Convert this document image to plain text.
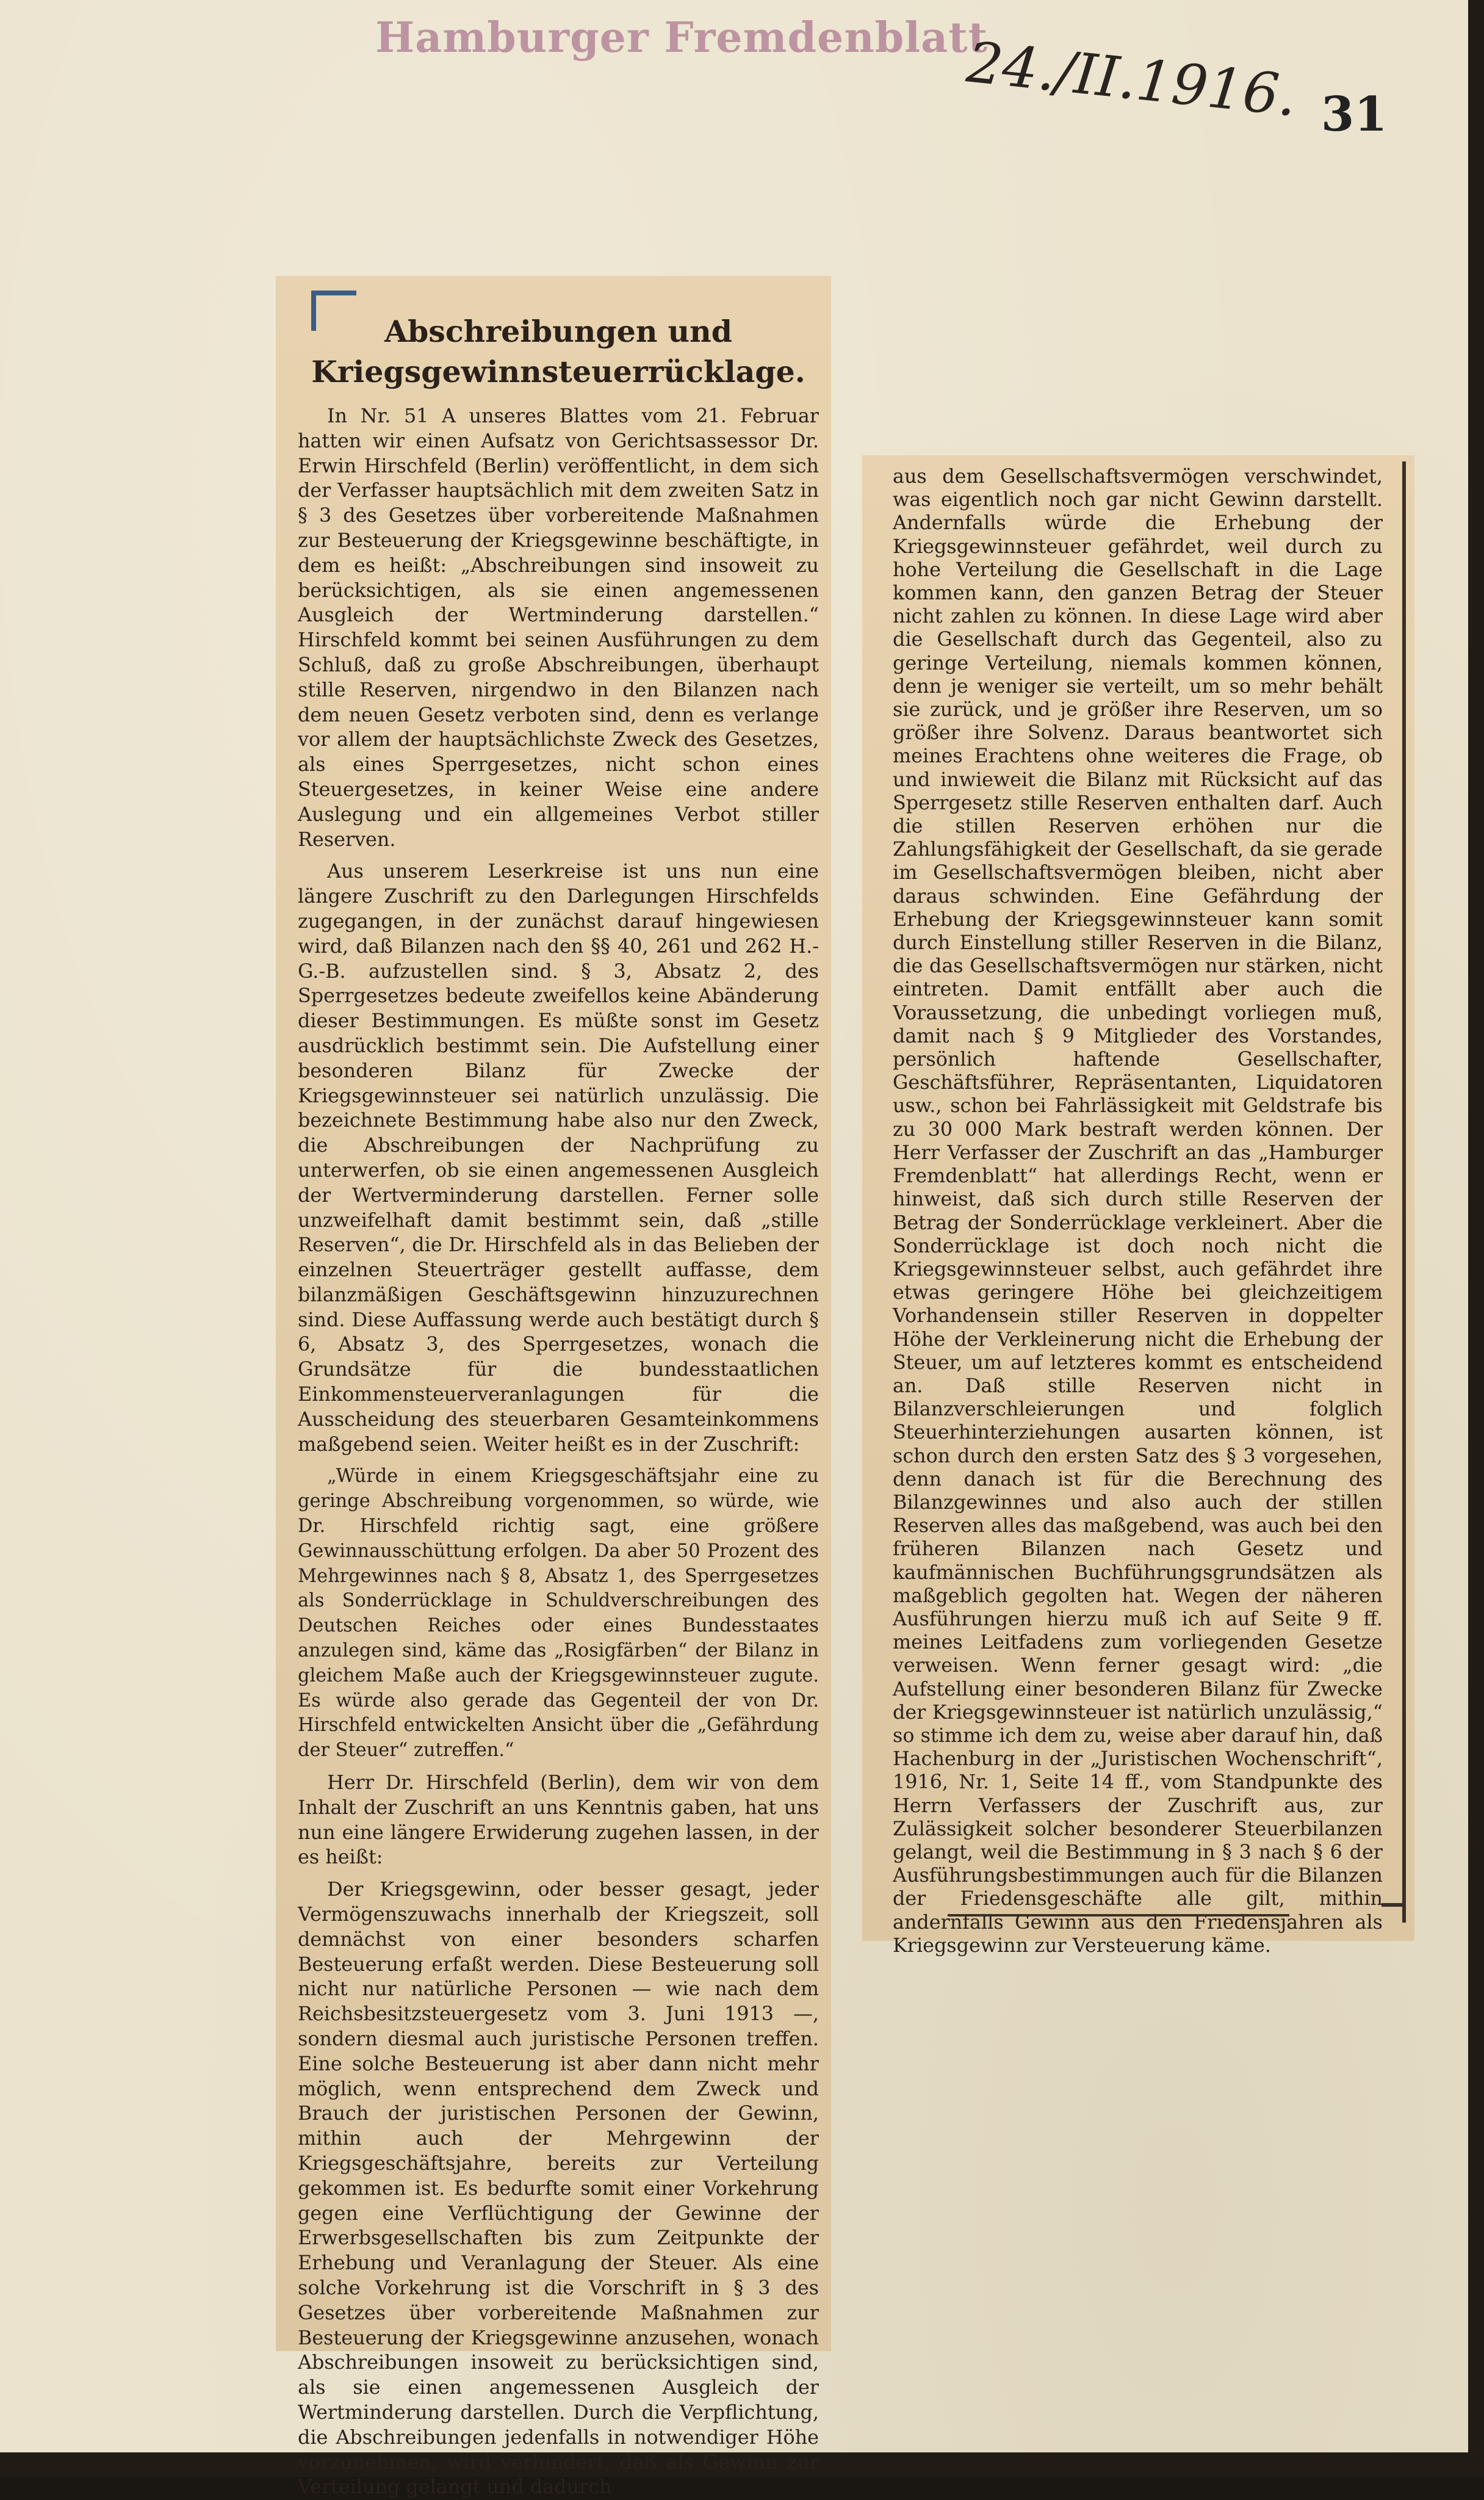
Hamburger Fremdenblatt
24./II.1916. 31
Abschreibungen und
Kriegsgewinnsteuerrücklage.

In Nr. 51 A unseres Blattes vom 21. Februar hatten wir einen Aufsatz von Gerichtsassessor Dr. Erwin Hirschfeld (Berlin) veröffentlicht, in dem sich der Verfasser hauptsächlich mit dem zweiten Satz in § 3 des Gesetzes über vorbereitende Maßnahmen zur Besteuerung der Kriegsgewinne beschäftigte, in dem es heißt: „Abschreibungen sind insoweit zu berücksichtigen, als sie einen angemessenen Ausgleich der Wertminderung darstellen.“ Hirschfeld kommt bei seinen Ausführungen zu dem Schluß, daß zu große Abschreibungen, überhaupt stille Reserven, nirgendwo in den Bilanzen nach dem neuen Gesetz verboten sind, denn es verlange vor allem der hauptsächlichste Zweck des Gesetzes, als eines Sperrgesetzes, nicht schon eines Steuergesetzes, in keiner Weise eine andere Auslegung und ein allgemeines Verbot stiller Reserven.

Aus unserem Leserkreise ist uns nun eine längere Zuschrift zu den Darlegungen Hirschfelds zugegangen, in der zunächst darauf hingewiesen wird, daß Bilanzen nach den §§ 40, 261 und 262 H.-G.-B. aufzustellen sind. § 3, Absatz 2, des Sperrgesetzes bedeute zweifellos keine Abänderung dieser Bestimmungen. Es müßte sonst im Gesetz ausdrücklich bestimmt sein. Die Aufstellung einer besonderen Bilanz für Zwecke der Kriegsgewinnsteuer sei natürlich unzulässig. Die bezeichnete Bestimmung habe also nur den Zweck, die Abschreibungen der Nachprüfung zu unterwerfen, ob sie einen angemessenen Ausgleich der Wertverminderung darstellen. Ferner solle unzweifelhaft damit bestimmt sein, daß „stille Reserven“, die Dr. Hirschfeld als in das Belieben der einzelnen Steuerträger gestellt auffasse, dem bilanzmäßigen Geschäftsgewinn hinzuzurechnen sind. Diese Auffassung werde auch bestätigt durch § 6, Absatz 3, des Sperrgesetzes, wonach die Grundsätze für die bundesstaatlichen Einkommensteuerveranlagungen für die Ausscheidung des steuerbaren Gesamteinkommens maßgebend seien. Weiter heißt es in der Zuschrift:

„Würde in einem Kriegsgeschäftsjahr eine zu geringe Abschreibung vorgenommen, so würde, wie Dr. Hirschfeld richtig sagt, eine größere Gewinnausschüttung erfolgen. Da aber 50 Prozent des Mehrgewinnes nach § 8, Absatz 1, des Sperrgesetzes als Sonderrücklage in Schuldverschreibungen des Deutschen Reiches oder eines Bundesstaates anzulegen sind, käme das „Rosigfärben“ der Bilanz in gleichem Maße auch der Kriegsgewinnsteuer zugute. Es würde also gerade das Gegenteil der von Dr. Hirschfeld entwickelten Ansicht über die „Gefährdung der Steuer“ zutreffen.“

Herr Dr. Hirschfeld (Berlin), dem wir von dem Inhalt der Zuschrift an uns Kenntnis gaben, hat uns nun eine längere Erwiderung zugehen lassen, in der es heißt:

Der Kriegsgewinn, oder besser gesagt, jeder Vermögenszuwachs innerhalb der Kriegszeit, soll demnächst von einer besonders scharfen Besteuerung erfaßt werden. Diese Besteuerung soll nicht nur natürliche Personen — wie nach dem Reichsbesitzsteuergesetz vom 3. Juni 1913 —, sondern diesmal auch juristische Personen treffen. Eine solche Besteuerung ist aber dann nicht mehr möglich, wenn entsprechend dem Zweck und Brauch der juristischen Personen der Gewinn, mithin auch der Mehrgewinn der Kriegsgeschäftsjahre, bereits zur Verteilung gekommen ist. Es bedurfte somit einer Vorkehrung gegen eine Verflüchtigung der Gewinne der Erwerbsgesellschaften bis zum Zeitpunkte der Erhebung und Veranlagung der Steuer. Als eine solche Vorkehrung ist die Vorschrift in § 3 des Gesetzes über vorbereitende Maßnahmen zur Besteuerung der Kriegsgewinne anzusehen, wonach Abschreibungen insoweit zu berücksichtigen sind, als sie einen angemessenen Ausgleich der Wertminderung darstellen. Durch die Verpflichtung, die Abschreibungen jedenfalls in notwendiger Höhe vorzunehmen, wird verhindert, daß als Gewinn zur Verteilung gelangt und dadurch

aus dem Gesellschaftsvermögen verschwindet, was eigentlich noch gar nicht Gewinn darstellt. Andernfalls würde die Erhebung der Kriegsgewinnsteuer gefährdet, weil durch zu hohe Verteilung die Gesellschaft in die Lage kommen kann, den ganzen Betrag der Steuer nicht zahlen zu können. In diese Lage wird aber die Gesellschaft durch das Gegenteil, also zu geringe Verteilung, niemals kommen können, denn je weniger sie verteilt, um so mehr behält sie zurück, und je größer ihre Reserven, um so größer ihre Solvenz. Daraus beantwortet sich meines Erachtens ohne weiteres die Frage, ob und inwieweit die Bilanz mit Rücksicht auf das Sperrgesetz stille Reserven enthalten darf. Auch die stillen Reserven erhöhen nur die Zahlungsfähigkeit der Gesellschaft, da sie gerade im Gesellschaftsvermögen bleiben, nicht aber daraus schwinden. Eine Gefährdung der Erhebung der Kriegsgewinnsteuer kann somit durch Einstellung stiller Reserven in die Bilanz, die das Gesellschaftsvermögen nur stärken, nicht eintreten. Damit entfällt aber auch die Voraussetzung, die unbedingt vorliegen muß, damit nach § 9 Mitglieder des Vorstandes, persönlich haftende Gesellschafter, Geschäftsführer, Repräsentanten, Liquidatoren usw., schon bei Fahrlässigkeit mit Geldstrafe bis zu 30 000 Mark bestraft werden können. Der Herr Verfasser der Zuschrift an das „Hamburger Fremdenblatt“ hat allerdings Recht, wenn er hinweist, daß sich durch stille Reserven der Betrag der Sonderrücklage verkleinert. Aber die Sonderrücklage ist doch noch nicht die Kriegsgewinnsteuer selbst, auch gefährdet ihre etwas geringere Höhe bei gleichzeitigem Vorhandensein stiller Reserven in doppelter Höhe der Verkleinerung nicht die Erhebung der Steuer, um auf letzteres kommt es entscheidend an. Daß stille Reserven nicht in Bilanzverschleierungen und folglich Steuerhinterziehungen ausarten können, ist schon durch den ersten Satz des § 3 vorgesehen, denn danach ist für die Berechnung des Bilanzgewinnes und also auch der stillen Reserven alles das maßgebend, was auch bei den früheren Bilanzen nach Gesetz und kaufmännischen Buchführungsgrundsätzen als maßgeblich gegolten hat. Wegen der näheren Ausführungen hierzu muß ich auf Seite 9 ff. meines Leitfadens zum vorliegenden Gesetze verweisen. Wenn ferner gesagt wird: „die Aufstellung einer besonderen Bilanz für Zwecke der Kriegsgewinnsteuer ist natürlich unzulässig,“ so stimme ich dem zu, weise aber darauf hin, daß Hachenburg in der „Juristischen Wochenschrift“, 1916, Nr. 1, Seite 14 ff., vom Standpunkte des Herrn Verfassers der Zuschrift aus, zur Zulässigkeit solcher besonderer Steuerbilanzen gelangt, weil die Bestimmung in § 3 nach § 6 der Ausführungsbestimmungen auch für die Bilanzen der Friedensgeschäfte alle gilt, mithin andernfalls Gewinn aus den Friedensjahren als Kriegsgewinn zur Versteuerung käme.
